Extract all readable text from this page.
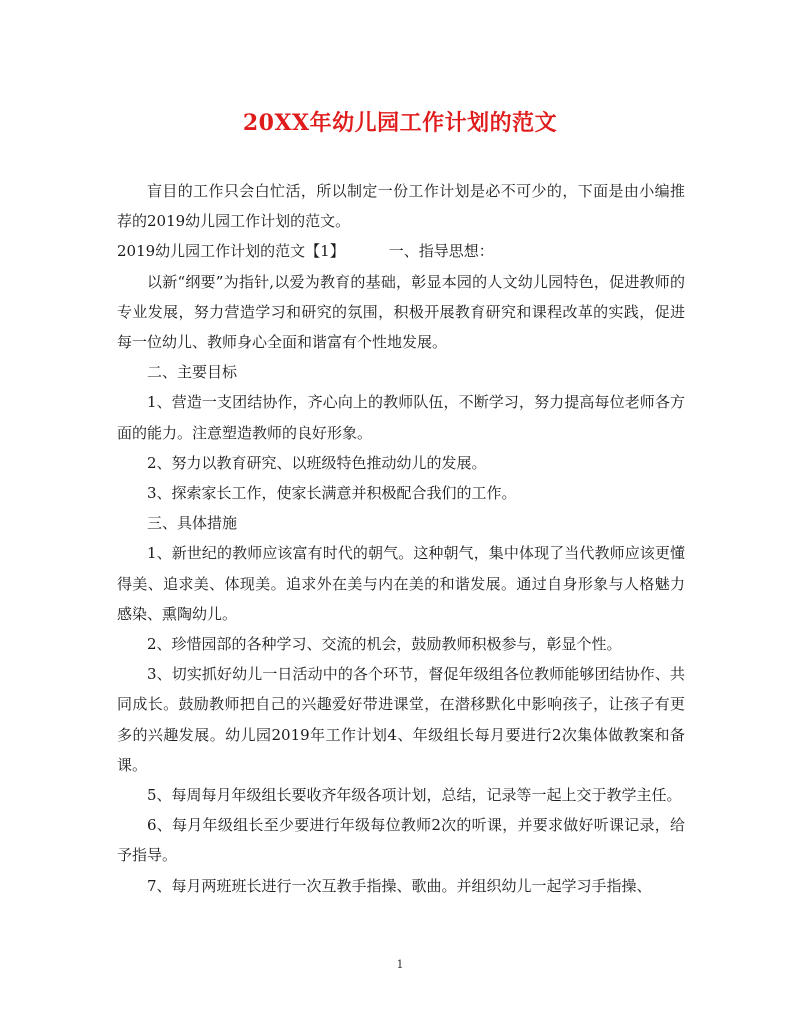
20XX年幼儿园工作计划的范文

盲目的工作只会白忙活，所以制定一份工作计划是必不可少的，下面是由小编推荐的2019幼儿园工作计划的范文。

2019幼儿园工作计划的范文【1】	一、指导思想：

以新“纲要”为指针,以爱为教育的基础，彰显本园的人文幼儿园特色，促进教师的专业发展，努力营造学习和研究的氛围，积极开展教育研究和课程改革的实践，促进每一位幼儿、教师身心全面和谐富有个性地发展。

二、主要目标

1、营造一支团结协作，齐心向上的教师队伍，不断学习，努力提高每位老师各方面的能力。注意塑造教师的良好形象。

2、努力以教育研究、以班级特色推动幼儿的发展。

3、探索家长工作，使家长满意并积极配合我们的工作。

三、具体措施

1、新世纪的教师应该富有时代的朝气。这种朝气，集中体现了当代教师应该更懂得美、追求美、体现美。追求外在美与内在美的和谐发展。通过自身形象与人格魅力感染、熏陶幼儿。

2、珍惜园部的各种学习、交流的机会，鼓励教师积极参与，彰显个性。

3、切实抓好幼儿一日活动中的各个环节，督促年级组各位教师能够团结协作、共同成长。鼓励教师把自己的兴趣爱好带进课堂，在潜移默化中影响孩子，让孩子有更多的兴趣发展。幼儿园2019年工作计划4、年级组长每月要进行2次集体做教案和备课。

5、每周每月年级组长要收齐年级各项计划，总结，记录等一起上交于教学主任。

6、每月年级组长至少要进行年级每位教师2次的听课，并要求做好听课记录，给予指导。

7、每月两班班长进行一次互教手指操、歌曲。并组织幼儿一起学习手指操、

1
